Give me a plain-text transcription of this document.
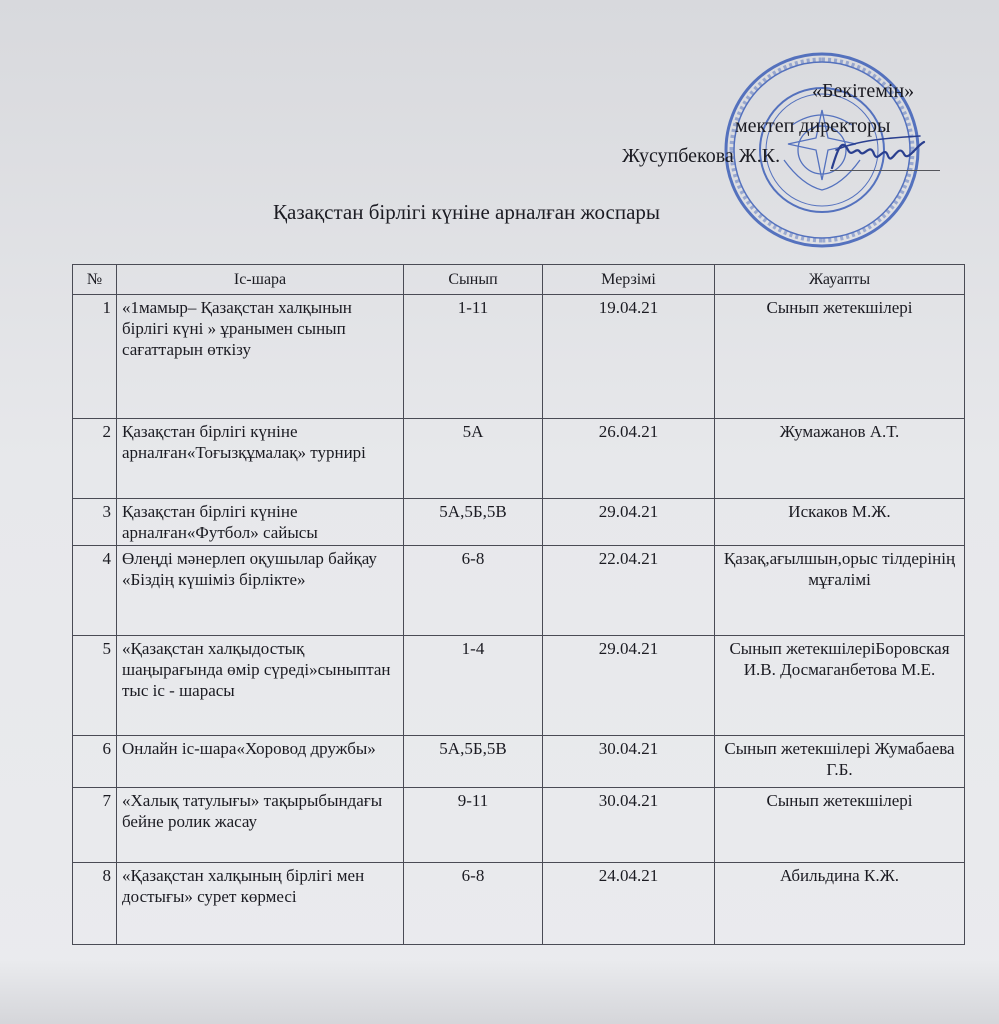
«Бекітемін»
мектеп директоры
Жусупбекова Ж.К.
Қазақстан бірлігі күніне арналған жоспары
№	Іс-шара	Сынып	Мерзімі	Жауапты
1	«1мамыр– Қазақстан халқынын бірлігі күні » ұранымен сынып сағаттарын өткізу	1-11	19.04.21	Сынып жетекшілері
2	Қазақстан бірлігі күніне арналған«Тоғызқұмалақ» турнирі	5А	26.04.21	Жумажанов А.Т.
3	Қазақстан бірлігі күніне арналған«Футбол» сайысы	5А,5Б,5В	29.04.21	Искаков М.Ж.
4	Өлеңді мәнерлеп оқушылар байқау «Біздің күшіміз бірлікте»	6-8	22.04.21	Қазақ,ағылшын,орыс тілдерінің мұғалімі
5	«Қазақстан халқыдостық шаңырағында өмір сүреді»сыныптан тыс іс - шарасы	1-4	29.04.21	Сынып жетекшілеріБоровская И.В. Досмаганбетова М.Е.
6	Онлайн іс-шара«Хоровод дружбы»	5А,5Б,5В	30.04.21	Сынып жетекшілері Жумабаева Г.Б.
7	«Халық татулығы» тақырыбындағы бейне ролик жасау	9-11	30.04.21	Сынып жетекшілері
8	«Қазақстан халқының бірлігі мен достығы» сурет көрмесі	6-8	24.04.21	Абильдина К.Ж.
